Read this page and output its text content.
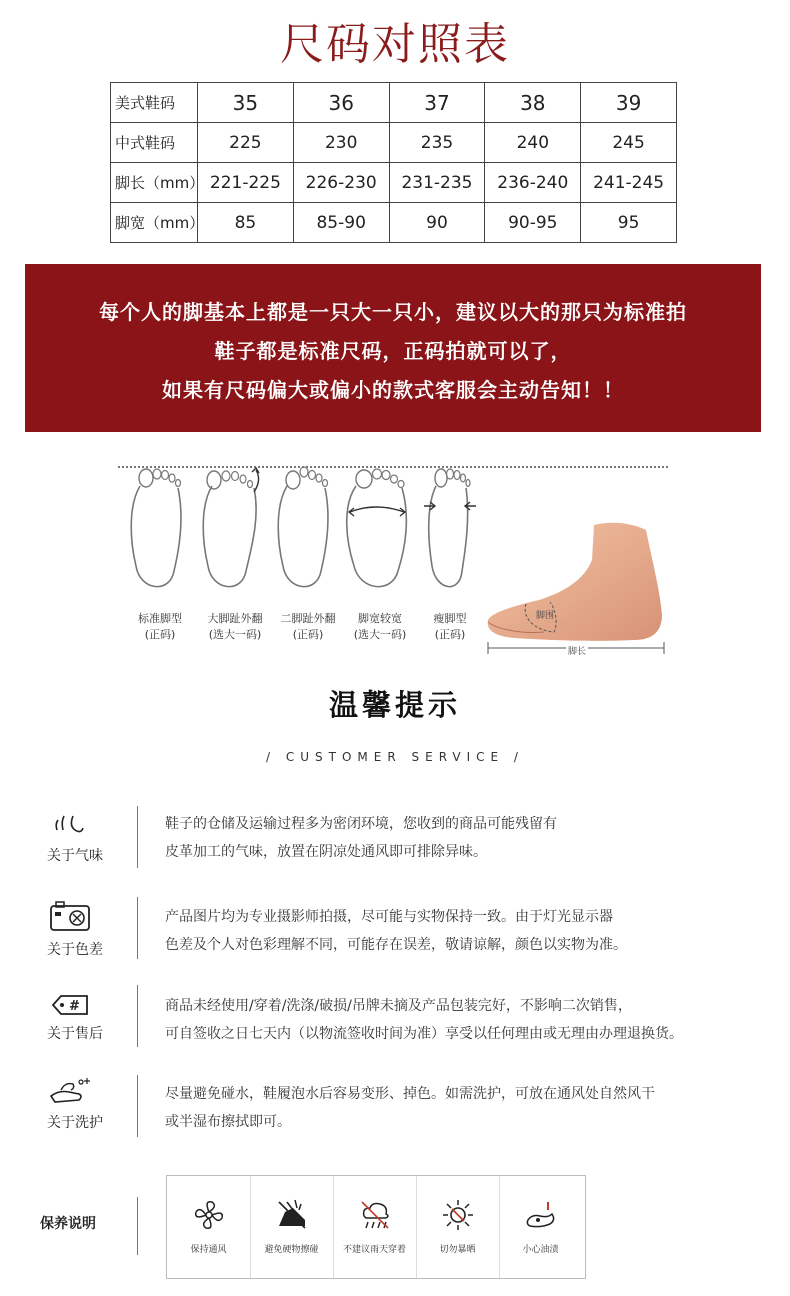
尺码对照表
美式鞋码	35	36	37	38	39
中式鞋码	225	230	235	240	245
脚长（mm）	221-225	226-230	231-235	236-240	241-245
脚宽（mm）	85	85-90	90	90-95	95
每个人的脚基本上都是一只大一只小，建议以大的那只为标准拍
鞋子都是标准尺码，正码拍就可以了，
如果有尺码偏大或偏小的款式客服会主动告知！！
标准脚型
(正码)
大脚趾外翻
(选大一码)
二脚趾外翻
(正码)
脚宽较宽
(选大一码)
瘦脚型
(正码)
脚围
脚长
温馨提示
/ CUSTOMER SERVICE /
关于气味
鞋子的仓储及运输过程多为密闭环境，您收到的商品可能残留有
皮革加工的气味，放置在阴凉处通风即可排除异味。
关于色差
产品图片均为专业摄影师拍摄，尽可能与实物保持一致。由于灯光显示器
色差及个人对色彩理解不同，可能存在误差，敬请谅解，颜色以实物为准。
#
关于售后
商品未经使用/穿着/洗涤/破损/吊牌未摘及产品包装完好，不影响二次销售，
可自签收之日七天内（以物流签收时间为准）享受以任何理由或无理由办理退换货。
关于洗护
尽量避免碰水，鞋履泡水后容易变形、掉色。如需洗护，可放在通风处自然风干
或半湿布擦拭即可。
保养说明
保持通风	避免硬物擦碰	不建议雨天穿着	切勿暴晒	小心油渍
